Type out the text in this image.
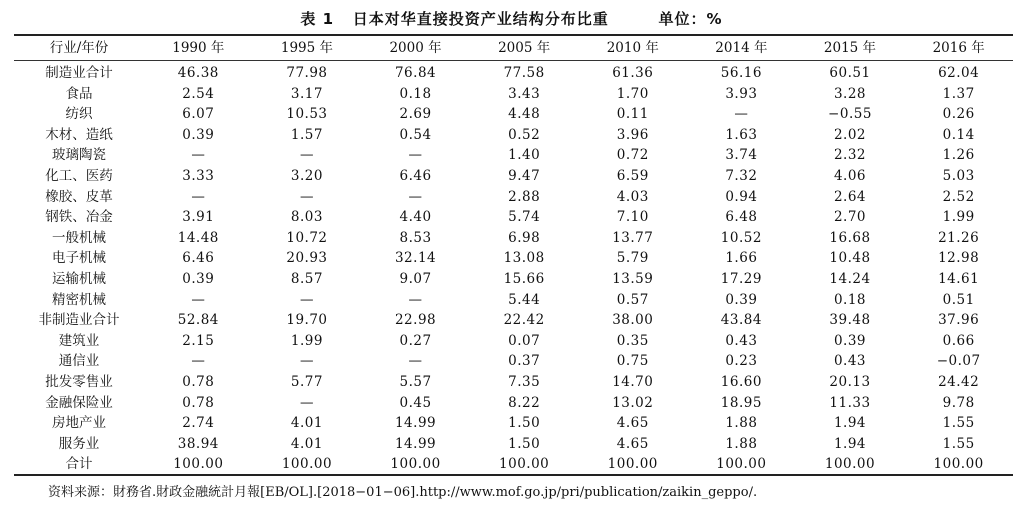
表 1   日本对华直接投资产业结构分布比重        单位：%
行业/年份	1990 年	1995 年	2000 年	2005 年	2010 年	2014 年	2015 年	2016 年
制造业合计	46.38	77.98	76.84	77.58	61.36	56.16	60.51	62.04
食品	2.54	3.17	0.18	3.43	1.70	3.93	3.28	1.37
纺织	6.07	10.53	2.69	4.48	0.11	—	−0.55	0.26
木材、造纸	0.39	1.57	0.54	0.52	3.96	1.63	2.02	0.14
玻璃陶瓷	—	—	—	1.40	0.72	3.74	2.32	1.26
化工、医药	3.33	3.20	6.46	9.47	6.59	7.32	4.06	5.03
橡胶、皮革	—	—	—	2.88	4.03	0.94	2.64	2.52
钢铁、冶金	3.91	8.03	4.40	5.74	7.10	6.48	2.70	1.99
一般机械	14.48	10.72	8.53	6.98	13.77	10.52	16.68	21.26
电子机械	6.46	20.93	32.14	13.08	5.79	1.66	10.48	12.98
运输机械	0.39	8.57	9.07	15.66	13.59	17.29	14.24	14.61
精密机械	—	—	—	5.44	0.57	0.39	0.18	0.51
非制造业合计	52.84	19.70	22.98	22.42	38.00	43.84	39.48	37.96
建筑业	2.15	1.99	0.27	0.07	0.35	0.43	0.39	0.66
通信业	—	—	—	0.37	0.75	0.23	0.43	−0.07
批发零售业	0.78	5.77	5.57	7.35	14.70	16.60	20.13	24.42
金融保险业	0.78	—	0.45	8.22	13.02	18.95	11.33	9.78
房地产业	2.74	4.01	14.99	1.50	4.65	1.88	1.94	1.55
服务业	38.94	4.01	14.99	1.50	4.65	1.88	1.94	1.55
合计	100.00	100.00	100.00	100.00	100.00	100.00	100.00	100.00
资料来源：財務省.財政金融統計月報[EB/OL].[2018−01−06].http://www.mof.go.jp/pri/publication/zaikin_geppo/.
